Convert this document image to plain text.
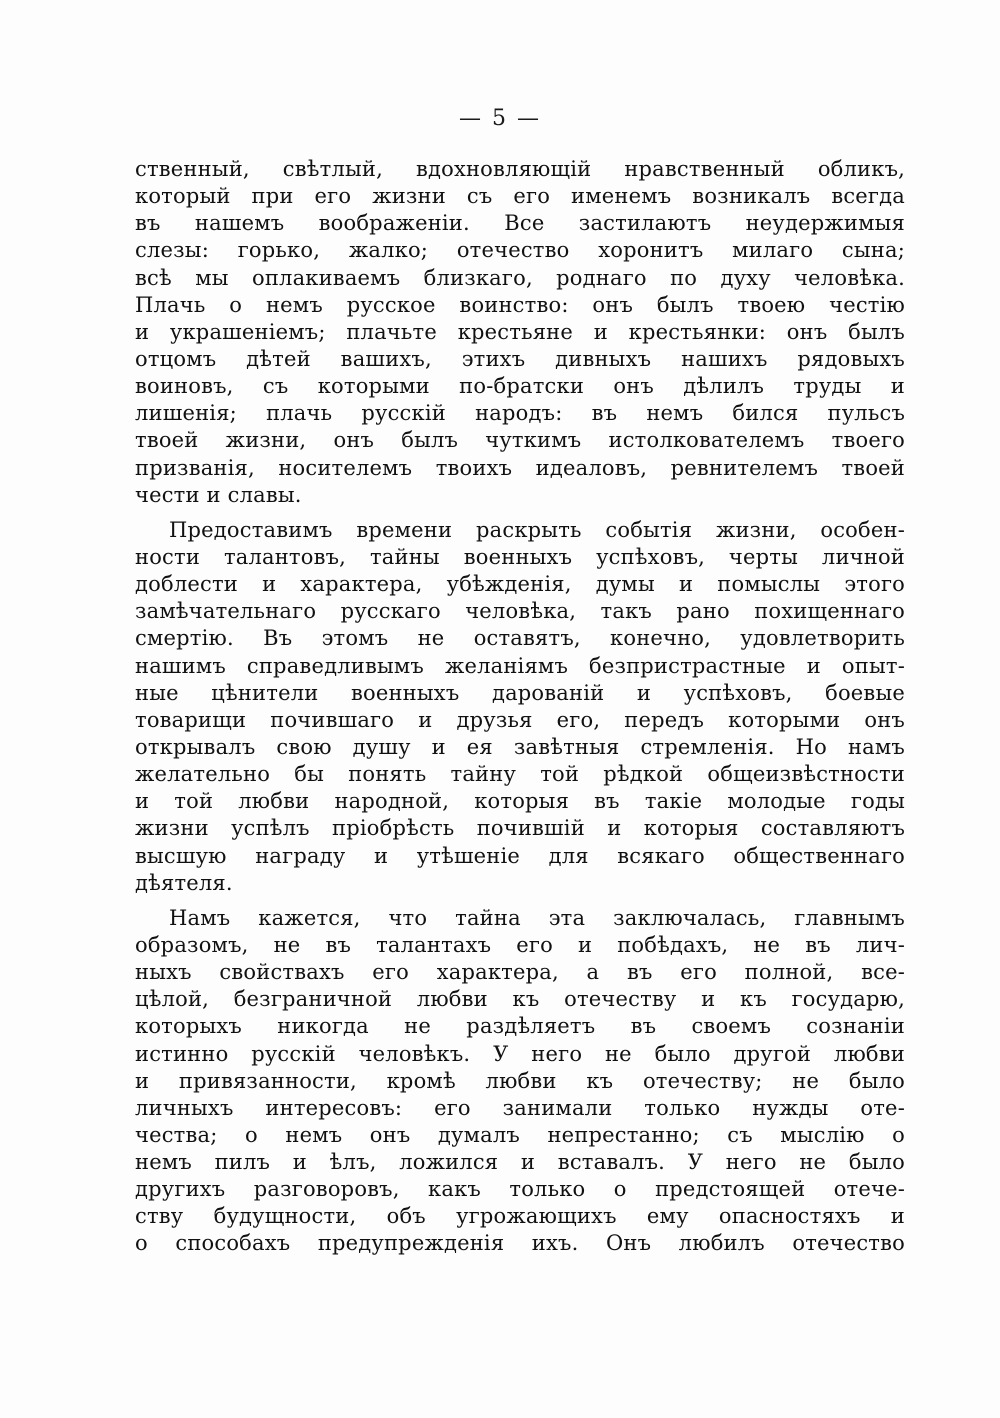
— 5 —
ственный, свѣтлый, вдохновляющій нравственный обликъ,
который при его жизни съ его именемъ возникалъ всегда
въ нашемъ воображеніи. Все застилаютъ неудержимыя
слезы: горько, жалко; отечество хоронитъ милаго сына;
всѣ мы оплакиваемъ близкаго, роднаго по духу человѣка.
Плачь о немъ русское воинство: онъ былъ твоею честію
и украшеніемъ; плачьте крестьяне и крестьянки: онъ былъ
отцомъ дѣтей вашихъ, этихъ дивныхъ нашихъ рядовыхъ
воиновъ, съ которыми по-братски онъ дѣлилъ труды и
лишенія; плачь русскій народъ: въ немъ бился пульсъ
твоей жизни, онъ былъ чуткимъ истолкователемъ твоего
призванія, носителемъ твоихъ идеаловъ, ревнителемъ твоей
чести и славы.
Предоставимъ времени раскрыть событія жизни, особен-
ности талантовъ, тайны военныхъ успѣховъ, черты личной
доблести и характера, убѣжденія, думы и помыслы этого
замѣчательнаго русскаго человѣка, такъ рано похищеннаго
смертію. Въ этомъ не оставятъ, конечно, удовлетворить
нашимъ справедливымъ желаніямъ безпристрастные и опыт-
ные цѣнители военныхъ дарованій и успѣховъ, боевые
товарищи почившаго и друзья его, передъ которыми онъ
открывалъ свою душу и ея завѣтныя стремленія. Но намъ
желательно бы понять тайну той рѣдкой общеизвѣстности
и той любви народной, которыя въ такіе молодые годы
жизни успѣлъ пріобрѣсть почившій и которыя составляютъ
высшую награду и утѣшеніе для всякаго общественнаго
дѣятеля.
Намъ кажется, что тайна эта заключалась, главнымъ
образомъ, не въ талантахъ его и побѣдахъ, не въ лич-
ныхъ свойствахъ его характера, а въ его полной, все-
цѣлой, безграничной любви къ отечеству и къ государю,
которыхъ никогда не раздѣляетъ въ своемъ сознаніи
истинно русскій человѣкъ. У него не было другой любви
и привязанности, кромѣ любви къ отечеству; не было
личныхъ интересовъ: его занимали только нужды оте-
чества; о немъ онъ думалъ непрестанно; съ мыслію о
немъ пилъ и ѣлъ, ложился и вставалъ. У него не было
другихъ разговоровъ, какъ только о предстоящей отече-
ству будущности, объ угрожающихъ ему опасностяхъ и
о способахъ предупрежденія ихъ. Онъ любилъ отечество
